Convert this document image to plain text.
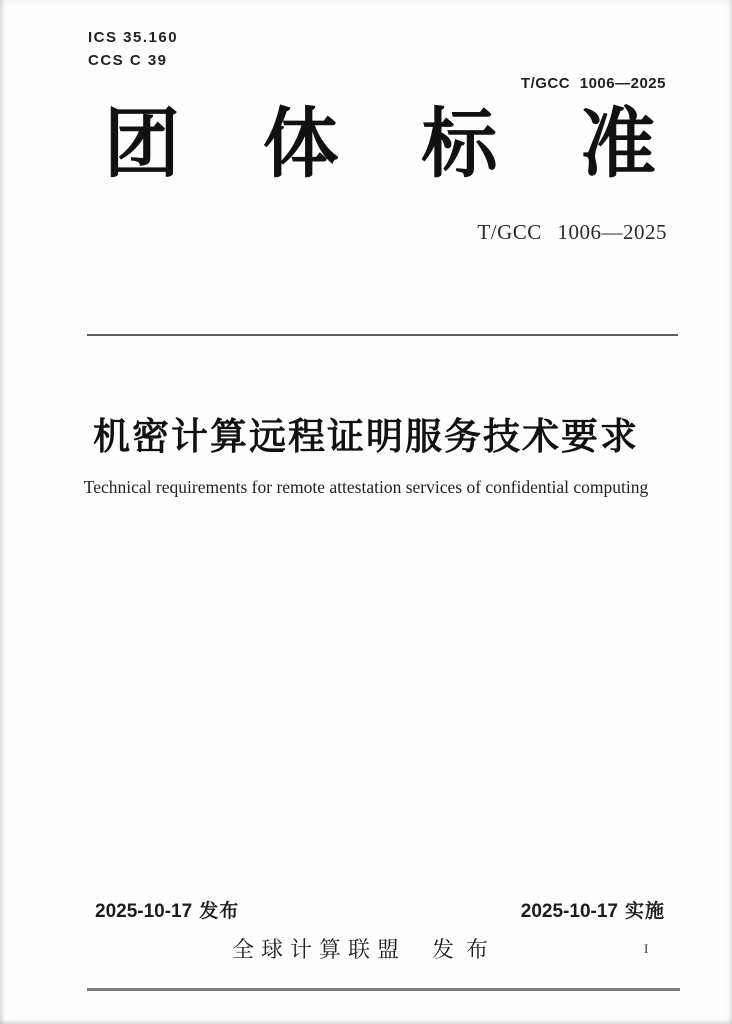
ICS 35.160
CCS C 39
T/GCC 1006—2025
团 体 标 准
T/GCC 1006—2025
机密计算远程证明服务技术要求
Technical requirements for remote attestation services of confidential computing
2025-10-17 发布	2025-10-17 实施
全球计算联盟 发布	I
